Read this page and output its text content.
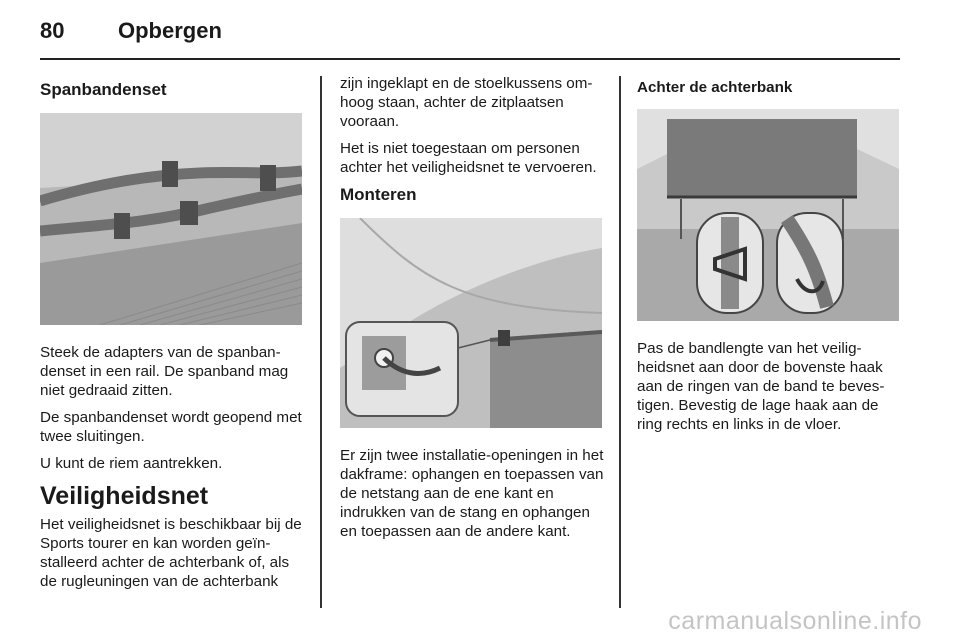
80 Opbergen
Spanbandenset

Steek de adapters van de spanbandenset in een rail. De spanband mag niet gedraaid zitten.

De spanbandenset wordt geopend met twee sluitingen.

U kunt de riem aantrekken.

Veiligheidsnet

Het veiligheidsnet is beschikbaar bij de Sports tourer en kan worden geïnstalleerd achter de achterbank of, als de rugleuningen van de achterbank

zijn ingeklapt en de stoelkussens omhoog staan, achter de zitplaatsen vooraan.

Het is niet toegestaan om personen achter het veiligheidsnet te vervoeren.

Monteren

Er zijn twee installatie-openingen in het dakframe: ophangen en toepassen van de netstang aan de ene kant en indrukken van de stang en ophangen en toepassen aan de andere kant.

Achter de achterbank

Pas de bandlengte van het veiligheidsnet aan door de bovenste haak aan de ringen van de band te bevestigen. Bevestig de lage haak aan de ring rechts en links in de vloer.

carmanualsonline.info
